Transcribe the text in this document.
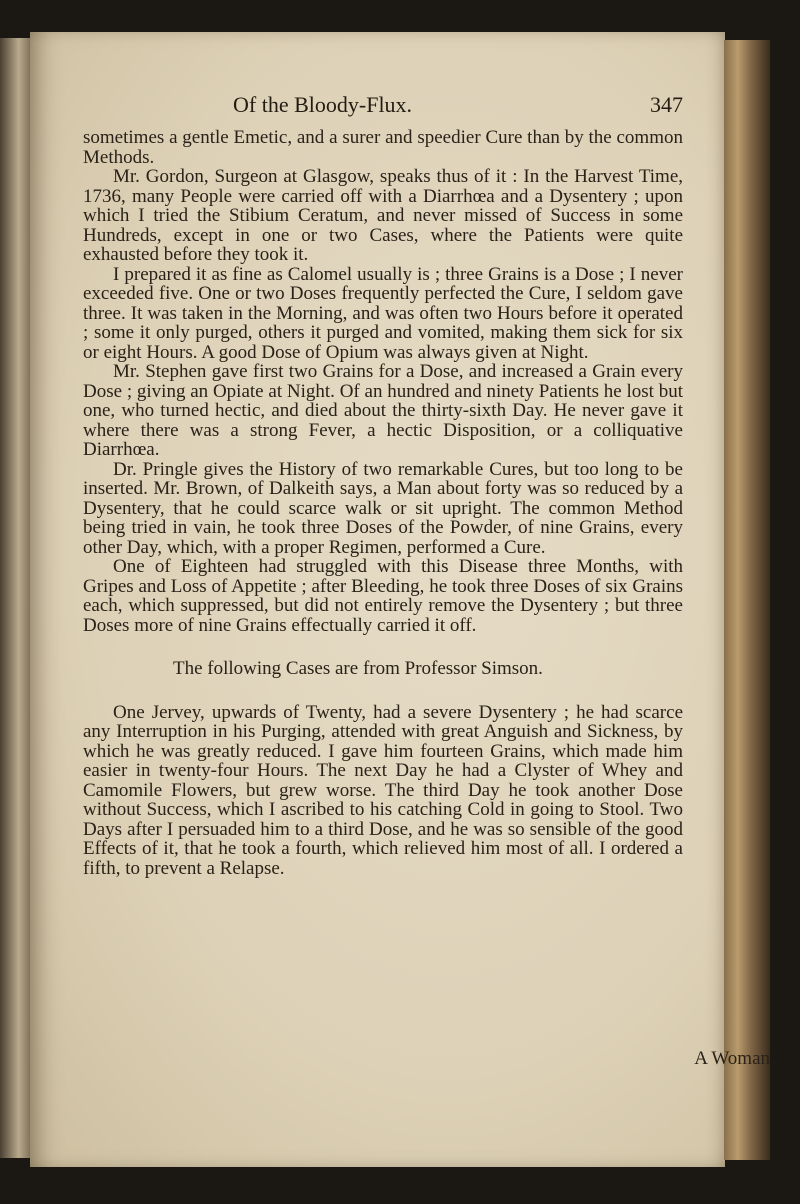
Of the Bloody-Flux.	347

sometimes a gentle Emetic, and a surer and speedier Cure than by the common Methods.

Mr. Gordon, Surgeon at Glasgow, speaks thus of it : In the Harvest Time, 1736, many People were carried off with a Diarrhœa and a Dysentery ; upon which I tried the Stibium Ceratum, and never missed of Success in some Hundreds, except in one or two Cases, where the Patients were quite exhausted before they took it.

I prepared it as fine as Calomel usually is ; three Grains is a Dose ; I never exceeded five. One or two Doses frequently perfected the Cure, I seldom gave three. It was taken in the Morning, and was often two Hours before it operated ; some it only purged, others it purged and vomited, making them sick for six or eight Hours. A good Dose of Opium was always given at Night.

Mr. Stephen gave first two Grains for a Dose, and increased a Grain every Dose ; giving an Opiate at Night. Of an hundred and ninety Patients he lost but one, who turned hectic, and died about the thirty-sixth Day. He never gave it where there was a strong Fever, a hectic Disposition, or a colliquative Diarrhœa.

Dr. Pringle gives the History of two remarkable Cures, but too long to be inserted. Mr. Brown, of Dalkeith says, a Man about forty was so reduced by a Dysentery, that he could scarce walk or sit upright. The common Method being tried in vain, he took three Doses of the Powder, of nine Grains, every other Day, which, with a proper Regimen, performed a Cure.

One of Eighteen had struggled with this Disease three Months, with Gripes and Loss of Appetite ; after Bleeding, he took three Doses of six Grains each, which suppressed, but did not entirely remove the Dysentery ; but three Doses more of nine Grains effectually carried it off.

The following Cases are from Professor Simson.

One Jervey, upwards of Twenty, had a severe Dysentery ; he had scarce any Interruption in his Purging, attended with great Anguish and Sickness, by which he was greatly reduced. I gave him fourteen Grains, which made him easier in twenty-four Hours. The next Day he had a Clyster of Whey and Camomile Flowers, but grew worse. The third Day he took another Dose without Success, which I ascribed to his catching Cold in going to Stool. Two Days after I persuaded him to a third Dose, and he was so sensible of the good Effects of it, that he took a fourth, which relieved him most of all. I ordered a fifth, to prevent a Relapse.

A Woman
